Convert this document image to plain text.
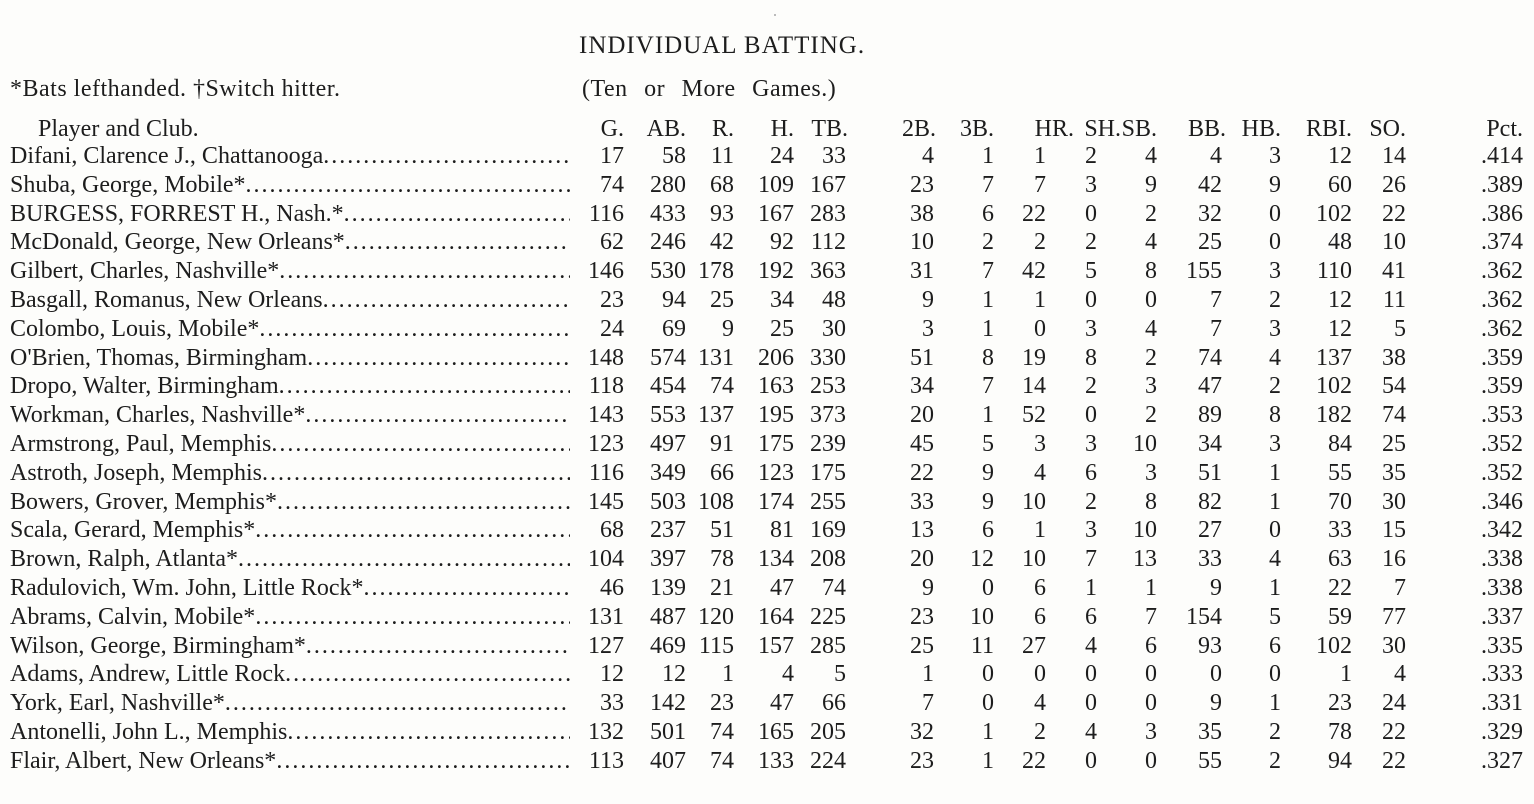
INDIVIDUAL BATTING.
*Bats lefthanded. †Switch hitter.	(Ten or More Games.)
Player and Club.	G. AB. R. H. TB. 2B. 3B. HR. SH. SB. BB. HB. RBI. SO.	Pct.
Difani, Clarence J., Chattanooga .....	17 58 11 24 33	4 1 1 2 4 4 3 12 14	.414
Shuba, George, Mobile* .....	74 280 68 109 167	23 7 7 3 9 42 9 60 26	.389
BURGESS, FORREST H., Nash.* .....	116 433 93 167 283	38 6 22 0 2 32 0 102 22	.386
McDonald, George, New Orleans* .....	62 246 42 92 112	10 2 2 2 4 25 0 48 10	.374
Gilbert, Charles, Nashville* .....	146 530 178 192 363	31 7 42 5 8 155 3 110 41	.362
Basgall, Romanus, New Orleans .....	23 94 25 34 48	9 1 1 0 0 7 2 12 11	.362
Colombo, Louis, Mobile* .....	24 69 9 25 30	3 1 0 3 4 7 3 12 5	.362
O'Brien, Thomas, Birmingham .....	148 574 131 206 330	51 8 19 8 2 74 4 137 38	.359
Dropo, Walter, Birmingham .....	118 454 74 163 253	34 7 14 2 3 47 2 102 54	.359
Workman, Charles, Nashville* .....	143 553 137 195 373	20 1 52 0 2 89 8 182 74	.353
Armstrong, Paul, Memphis .....	123 497 91 175 239	45 5 3 3 10 34 3 84 25	.352
Astroth, Joseph, Memphis .....	116 349 66 123 175	22 9 4 6 3 51 1 55 35	.352
Bowers, Grover, Memphis* .....	145 503 108 174 255	33 9 10 2 8 82 1 70 30	.346
Scala, Gerard, Memphis* .....	68 237 51 81 169	13 6 1 3 10 27 0 33 15	.342
Brown, Ralph, Atlanta* .....	104 397 78 134 208	20 12 10 7 13 33 4 63 16	.338
Radulovich, Wm. John, Little Rock* .....	46 139 21 47 74	9 0 6 1 1 9 1 22 7	.338
Abrams, Calvin, Mobile* .....	131 487 120 164 225	23 10 6 6 7 154 5 59 77	.337
Wilson, George, Birmingham* .....	127 469 115 157 285	25 11 27 4 6 93 6 102 30	.335
Adams, Andrew, Little Rock .....	12 12 1 4 5	1 0 0 0 0 0 0 1 4	.333
York, Earl, Nashville* .....	33 142 23 47 66	7 0 4 0 0 9 1 23 24	.331
Antonelli, John L., Memphis .....	132 501 74 165 205	32 1 2 4 3 35 2 78 22	.329
Flair, Albert, New Orleans* .....	113 407 74 133 224	23 1 22 0 0 55 2 94 22	.327
